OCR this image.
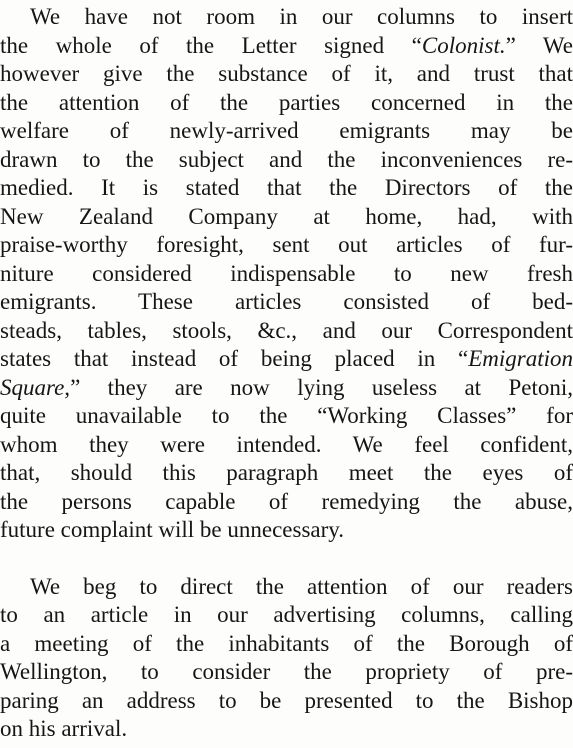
We have not room in our columns to insert
the whole of the Letter signed “Colonist.” We
however give the substance of it, and trust that
the attention of the parties concerned in the
welfare of newly-arrived emigrants may be
drawn to the subject and the inconveniences re-
medied. It is stated that the Directors of the
New Zealand Company at home, had, with
praise-worthy foresight, sent out articles of fur-
niture considered indispensable to new fresh
emigrants. These articles consisted of bed-
steads, tables, stools, &c., and our Correspondent
states that instead of being placed in “Emigration
Square,” they are now lying useless at Petoni,
quite unavailable to the “Working Classes” for
whom they were intended. We feel confident,
that, should this paragraph meet the eyes of
the persons capable of remedying the abuse,
future complaint will be unnecessary.
We beg to direct the attention of our readers
to an article in our advertising columns, calling
a meeting of the inhabitants of the Borough of
Wellington, to consider the propriety of pre-
paring an address to be presented to the Bishop
on his arrival.
